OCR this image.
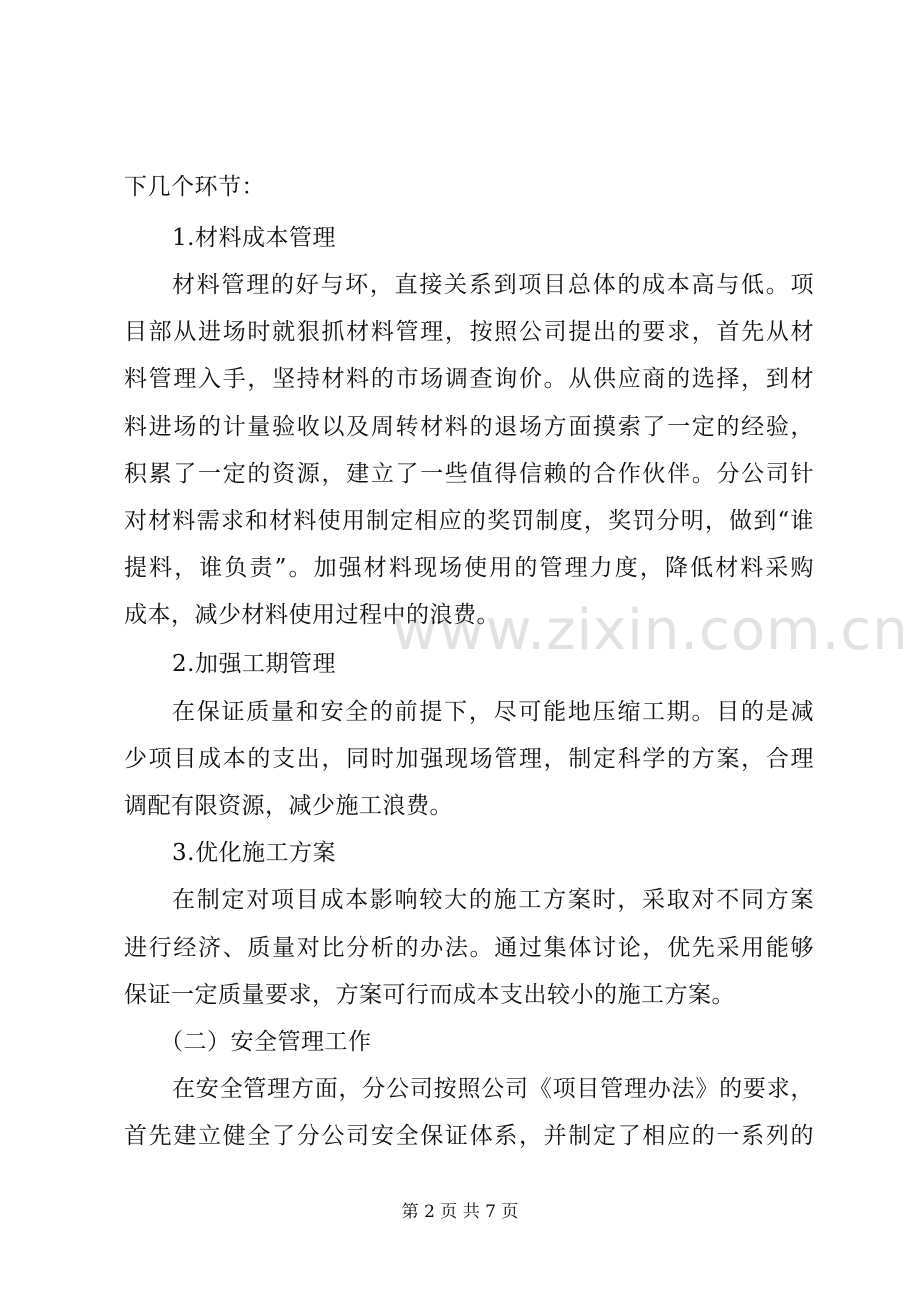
www.zixin.com.cn
下几个环节：
1.材料成本管理
材料管理的好与坏，直接关系到项目总体的成本高与低。项
目部从进场时就狠抓材料管理，按照公司提出的要求，首先从材
料管理入手，坚持材料的市场调查询价。从供应商的选择，到材
料进场的计量验收以及周转材料的退场方面摸索了一定的经验，
积累了一定的资源，建立了一些值得信赖的合作伙伴。分公司针
对材料需求和材料使用制定相应的奖罚制度，奖罚分明，做到“谁
提料，谁负责”。加强材料现场使用的管理力度，降低材料采购
成本，减少材料使用过程中的浪费。
2.加强工期管理
在保证质量和安全的前提下，尽可能地压缩工期。目的是减
少项目成本的支出，同时加强现场管理，制定科学的方案，合理
调配有限资源，减少施工浪费。
3.优化施工方案
在制定对项目成本影响较大的施工方案时，采取对不同方案
进行经济、质量对比分析的办法。通过集体讨论，优先采用能够
保证一定质量要求，方案可行而成本支出较小的施工方案。
（二）安全管理工作
在安全管理方面，分公司按照公司《项目管理办法》的要求，
首先建立健全了分公司安全保证体系，并制定了相应的一系列的
第 2 页 共 7 页
